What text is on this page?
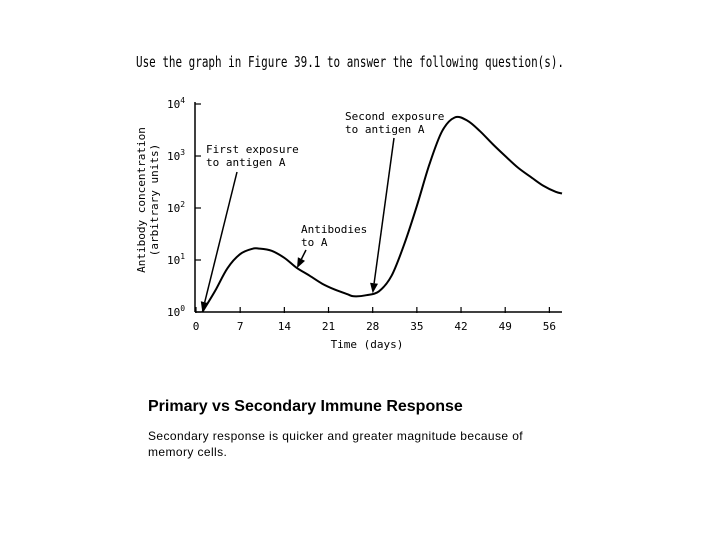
Use the graph in Figure 39.1 to answer the following question(s).
$10^0$
$10^1$
$10^2$
$10^3$
$10^4$
0	7	14	21	28	35	42	49	56
Antibody concentration (arbitrary units)
Time (days)
First exposure
to antigen A
Antibodies
to A
Second exposure
to antigen A
Primary vs Secondary Immune Response
Secondary response is quicker and greater magnitude because of memory cells.
